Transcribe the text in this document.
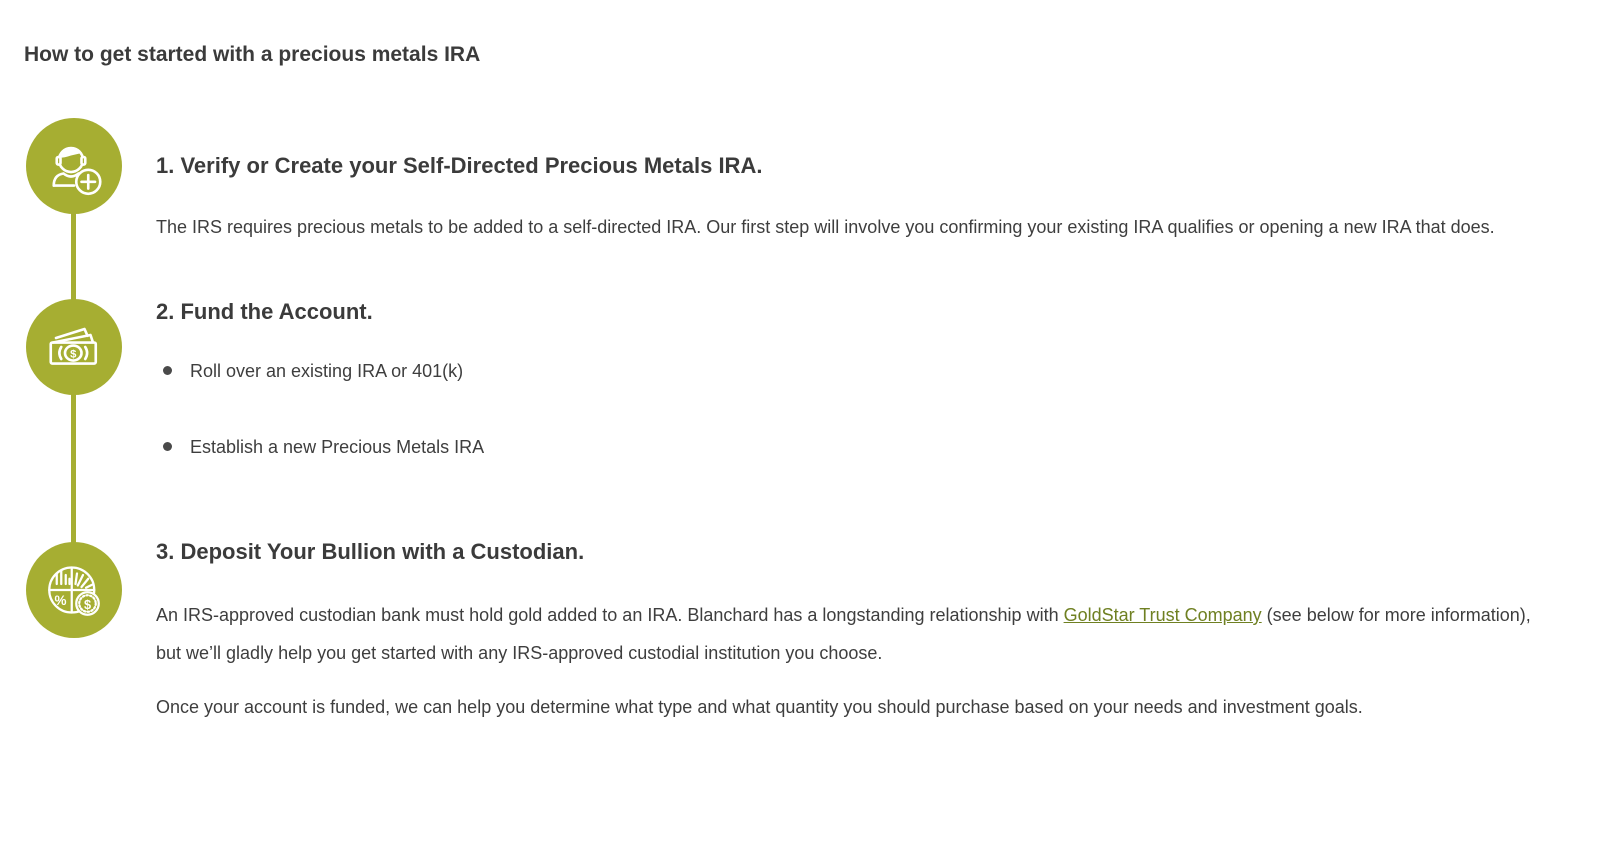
How to get started with a precious metals IRA
$
% $
1. Verify or Create your Self-Directed Precious Metals IRA.

The IRS requires precious metals to be added to a self-directed IRA. Our first step will involve you confirming your existing IRA qualifies or opening a new IRA that does.

2. Fund the Account.
Roll over an existing IRA or 401(k)
Establish a new Precious Metals IRA
3. Deposit Your Bullion with a Custodian.

An IRS-approved custodian bank must hold gold added to an IRA. Blanchard has a longstanding relationship with GoldStar Trust Company (see below for more information), but we’ll gladly help you get started with any IRS-approved custodial institution you choose.

Once your account is funded, we can help you determine what type and what quantity you should purchase based on your needs and investment goals.
